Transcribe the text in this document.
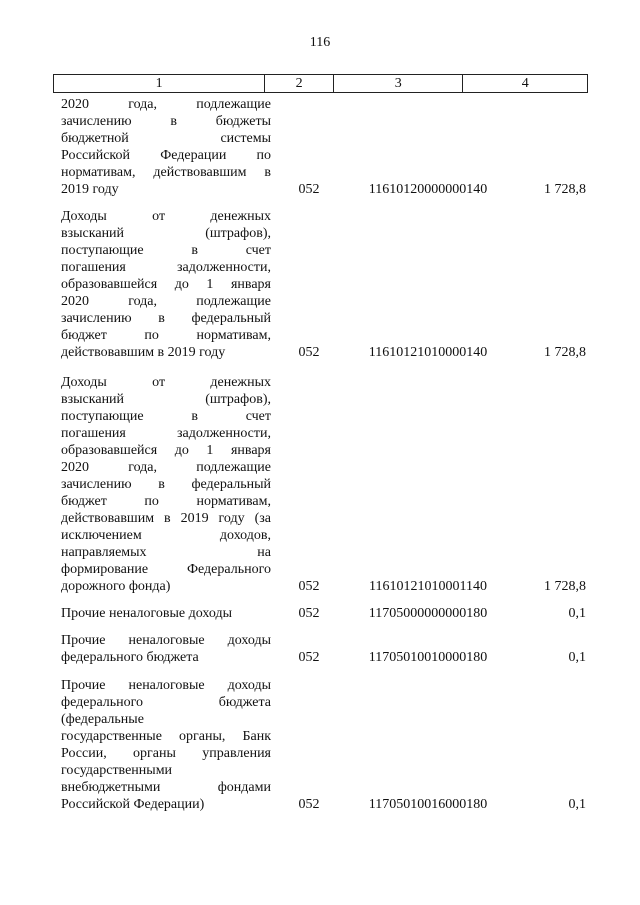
116
1	2	3	4
2020 года, подлежащие
зачислению в бюджеты
бюджетной системы
Российской Федерации по
нормативам, действовавшим в
2019 году	052	11610120000000140	1 728,8
Доходы от денежных
взысканий (штрафов),
поступающие в счет
погашения задолженности,
образовавшейся до 1 января
2020 года, подлежащие
зачислению в федеральный
бюджет по нормативам,
действовавшим в 2019 году	052	11610121010000140	1 728,8
Доходы от денежных
взысканий (штрафов),
поступающие в счет
погашения задолженности,
образовавшейся до 1 января
2020 года, подлежащие
зачислению в федеральный
бюджет по нормативам,
действовавшим в 2019 году (за
исключением доходов,
направляемых на
формирование Федерального
дорожного фонда)	052	11610121010001140	1 728,8
Прочие неналоговые доходы	052	11705000000000180	0,1
Прочие неналоговые доходы
федерального бюджета	052	11705010010000180	0,1
Прочие неналоговые доходы
федерального бюджета
(федеральные
государственные органы, Банк
России, органы управления
государственными
внебюджетными фондами
Российской Федерации)	052	11705010016000180	0,1
